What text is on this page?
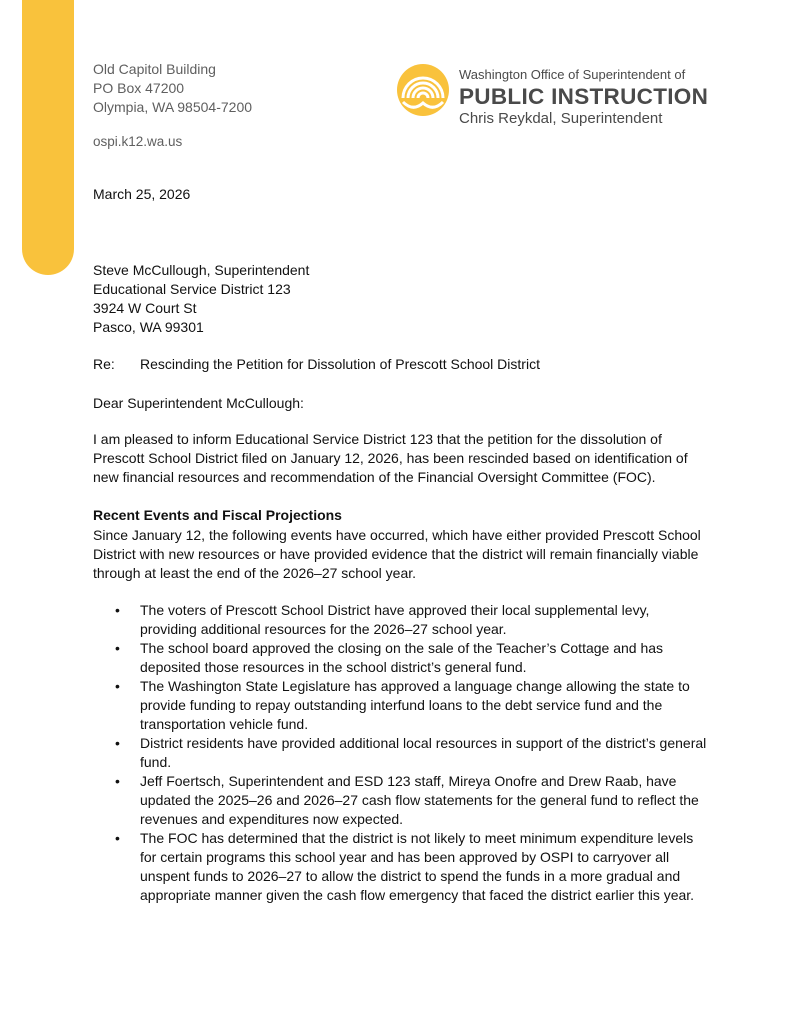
Old Capitol Building
PO Box 47200
Olympia, WA 98504-7200
ospi.k12.wa.us
Washington Office of Superintendent of
PUBLIC INSTRUCTION
Chris Reykdal, Superintendent
March 25, 2026
Steve McCullough, Superintendent
Educational Service District 123
3924 W Court St
Pasco, WA 99301
Re: Rescinding the Petition for Dissolution of Prescott School District
Dear Superintendent McCullough:
I am pleased to inform Educational Service District 123 that the petition for the dissolution of Prescott School District filed on January 12, 2026, has been rescinded based on identification of new financial resources and recommendation of the Financial Oversight Committee (FOC).
Recent Events and Fiscal Projections
Since January 12, the following events have occurred, which have either provided Prescott School District with new resources or have provided evidence that the district will remain financially viable through at least the end of the 2026–27 school year.
• The voters of Prescott School District have approved their local supplemental levy, providing additional resources for the 2026–27 school year.
• The school board approved the closing on the sale of the Teacher’s Cottage and has deposited those resources in the school district’s general fund.
• The Washington State Legislature has approved a language change allowing the state to provide funding to repay outstanding interfund loans to the debt service fund and the transportation vehicle fund.
• District residents have provided additional local resources in support of the district’s general fund.
• Jeff Foertsch, Superintendent and ESD 123 staff, Mireya Onofre and Drew Raab, have updated the 2025–26 and 2026–27 cash flow statements for the general fund to reflect the revenues and expenditures now expected.
• The FOC has determined that the district is not likely to meet minimum expenditure levels for certain programs this school year and has been approved by OSPI to carryover all unspent funds to 2026–27 to allow the district to spend the funds in a more gradual and appropriate manner given the cash flow emergency that faced the district earlier this year.
